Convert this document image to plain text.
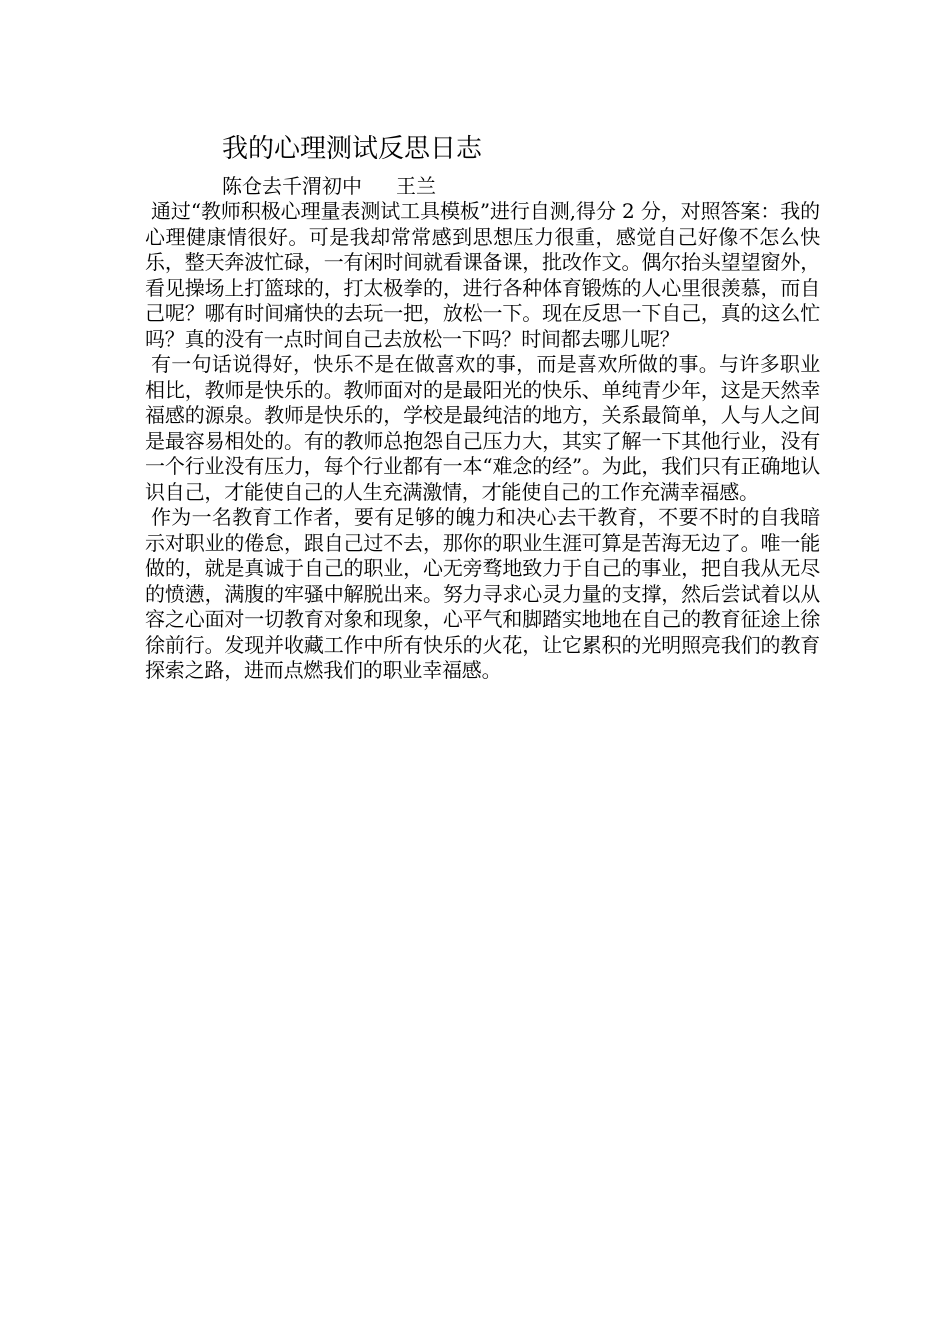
我的心理测试反思日志
陈仓去千渭初中 王兰

通过“教师积极心理量表测试工具模板”进行自测,得分 2 分，对照答案：我的心理健康情很好。可是我却常常感到思想压力很重，感觉自己好像不怎么快乐，整天奔波忙碌，一有闲时间就看课备课，批改作文。偶尔抬头望望窗外，看见操场上打篮球的，打太极拳的，进行各种体育锻炼的人心里很羡慕，而自己呢？哪有时间痛快的去玩一把，放松一下。现在反思一下自己，真的这么忙吗？真的没有一点时间自己去放松一下吗？时间都去哪儿呢？

有一句话说得好，快乐不是在做喜欢的事，而是喜欢所做的事。与许多职业相比，教师是快乐的。教师面对的是最阳光的快乐、单纯青少年，这是天然幸福感的源泉。教师是快乐的，学校是最纯洁的地方，关系最简单，人与人之间是最容易相处的。有的教师总抱怨自己压力大，其实了解一下其他行业，没有一个行业没有压力，每个行业都有一本“难念的经”。为此，我们只有正确地认识自己，才能使自己的人生充满激情，才能使自己的工作充满幸福感。

作为一名教育工作者，要有足够的魄力和决心去干教育，不要不时的自我暗示对职业的倦怠，跟自己过不去，那你的职业生涯可算是苦海无边了。唯一能做的，就是真诚于自己的职业，心无旁骛地致力于自己的事业，把自我从无尽的愤懑，满腹的牢骚中解脱出来。努力寻求心灵力量的支撑，然后尝试着以从容之心面对一切教育对象和现象，心平气和脚踏实地地在自己的教育征途上徐徐前行。发现并收藏工作中所有快乐的火花，让它累积的光明照亮我们的教育探索之路，进而点燃我们的职业幸福感。
